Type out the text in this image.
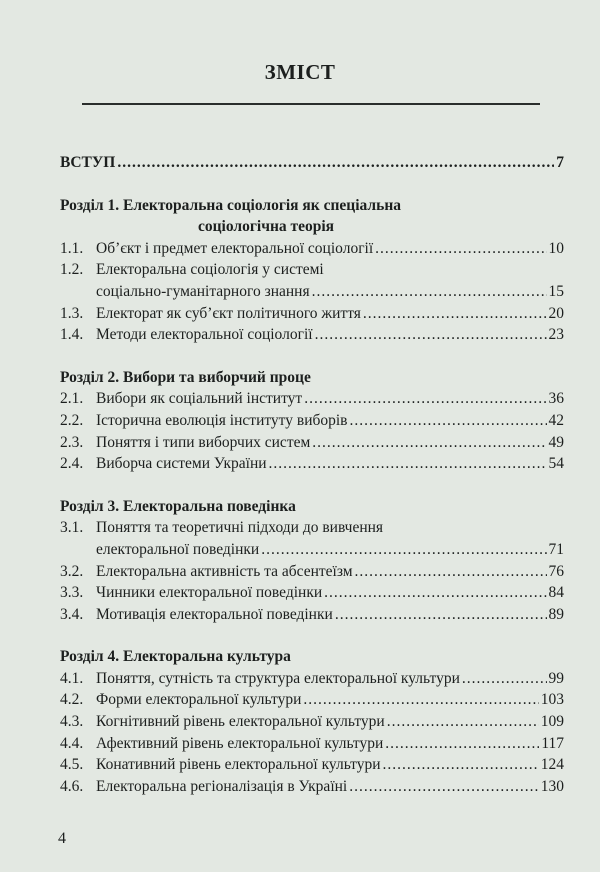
ЗМІСТ
ВСТУП .....	7
Розділ 1. Електоральна соціологія як спеціальна
соціологічна теорія
1.1. Об’єкт і предмет електоральної соціології .....	10
1.2. Електоральна соціологія у системі
соціально-гуманітарного знання .....	15
1.3. Електорат як суб’єкт політичного життя .....	20
1.4. Методи електоральної соціології .....	23
Розділ 2. Вибори та виборчий проце
2.1. Вибори як соціальний інститут .....	36
2.2. Історична еволюція інституту виборів .....	42
2.3. Поняття і типи виборчих систем .....	49
2.4. Виборча системи України .....	54
Розділ 3. Електоральна поведінка
3.1. Поняття та теоретичні підходи до вивчення
електоральної поведінки .....	71
3.2. Електоральна активність та абсентеїзм .....	76
3.3. Чинники електоральної поведінки .....	84
3.4. Мотивація електоральної поведінки .....	89
Розділ 4. Електоральна культура
4.1. Поняття, сутність та структура електоральної культури .....	99
4.2. Форми електоральної культури .....	103
4.3. Когнітивний рівень електоральної культури .....	109
4.4. Афективний рівень електоральної культури .....	117
4.5. Конативний рівень електоральної культури .....	124
4.6. Електоральна регіоналізація в Україні .....	130
4
